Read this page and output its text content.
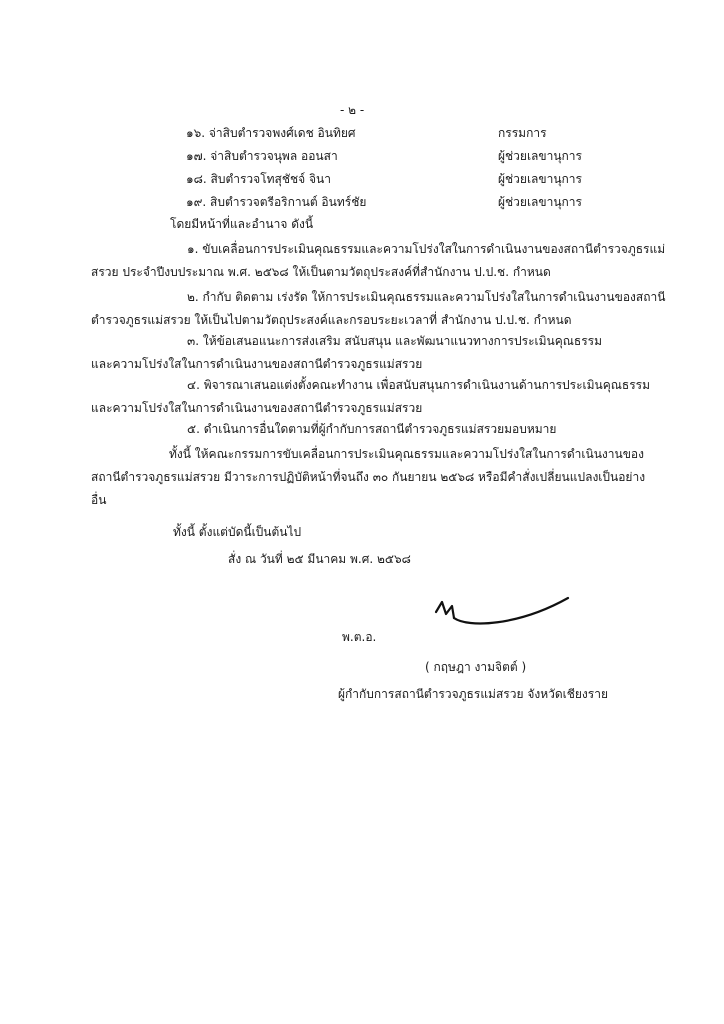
- ๒ -
๑๖. จ่าสิบตำรวจพงศ์เดช อินทิยศ	กรรมการ
๑๗. จ่าสิบตำรวจนุพล ออนสา	ผู้ช่วยเลขานุการ
๑๘. สิบตำรวจโทสุชัชจ์ จินา	ผู้ช่วยเลขานุการ
๑๙. สิบตำรวจตรีอริกานต์ อินทร์ชัย	ผู้ช่วยเลขานุการ
โดยมีหน้าที่และอำนาจ ดังนี้
๑. ขับเคลื่อนการประเมินคุณธรรมและความโปร่งใสในการดำเนินงานของสถานีตำรวจภูธรแม่
สรวย ประจำปีงบประมาณ พ.ศ. ๒๕๖๘ ให้เป็นตามวัตถุประสงค์ที่สำนักงาน ป.ป.ช. กำหนด
๒. กำกับ ติดตาม เร่งรัด ให้การประเมินคุณธรรมและความโปร่งใสในการดำเนินงานของสถานี
ตำรวจภูธรแม่สรวย ให้เป็นไปตามวัตถุประสงค์และกรอบระยะเวลาที่ สำนักงาน ป.ป.ช. กำหนด
๓. ให้ข้อเสนอแนะการส่งเสริม สนับสนุน และพัฒนาแนวทางการประเมินคุณธรรม
และความโปร่งใสในการดำเนินงานของสถานีตำรวจภูธรแม่สรวย
๔. พิจารณาเสนอแต่งตั้งคณะทำงาน เพื่อสนับสนุนการดำเนินงานด้านการประเมินคุณธรรม
และความโปร่งใสในการดำเนินงานของสถานีตำรวจภูธรแม่สรวย
๕. ดำเนินการอื่นใดตามที่ผู้กำกับการสถานีตำรวจภูธรแม่สรวยมอบหมาย
ทั้งนี้ ให้คณะกรรมการขับเคลื่อนการประเมินคุณธรรมและความโปร่งใสในการดำเนินงานของ
สถานีตำรวจภูธรแม่สรวย มีวาระการปฏิบัติหน้าที่จนถึง ๓๐ กันยายน ๒๕๖๘ หรือมีคำสั่งเปลี่ยนแปลงเป็นอย่าง
อื่น
ทั้งนี้ ตั้งแต่บัดนี้เป็นต้นไป
สั่ง ณ วันที่ ๒๕ มีนาคม พ.ศ. ๒๕๖๘
พ.ต.อ.
( กฤษฎา งามจิตต์ )
ผู้กำกับการสถานีตำรวจภูธรแม่สรวย จังหวัดเชียงราย
